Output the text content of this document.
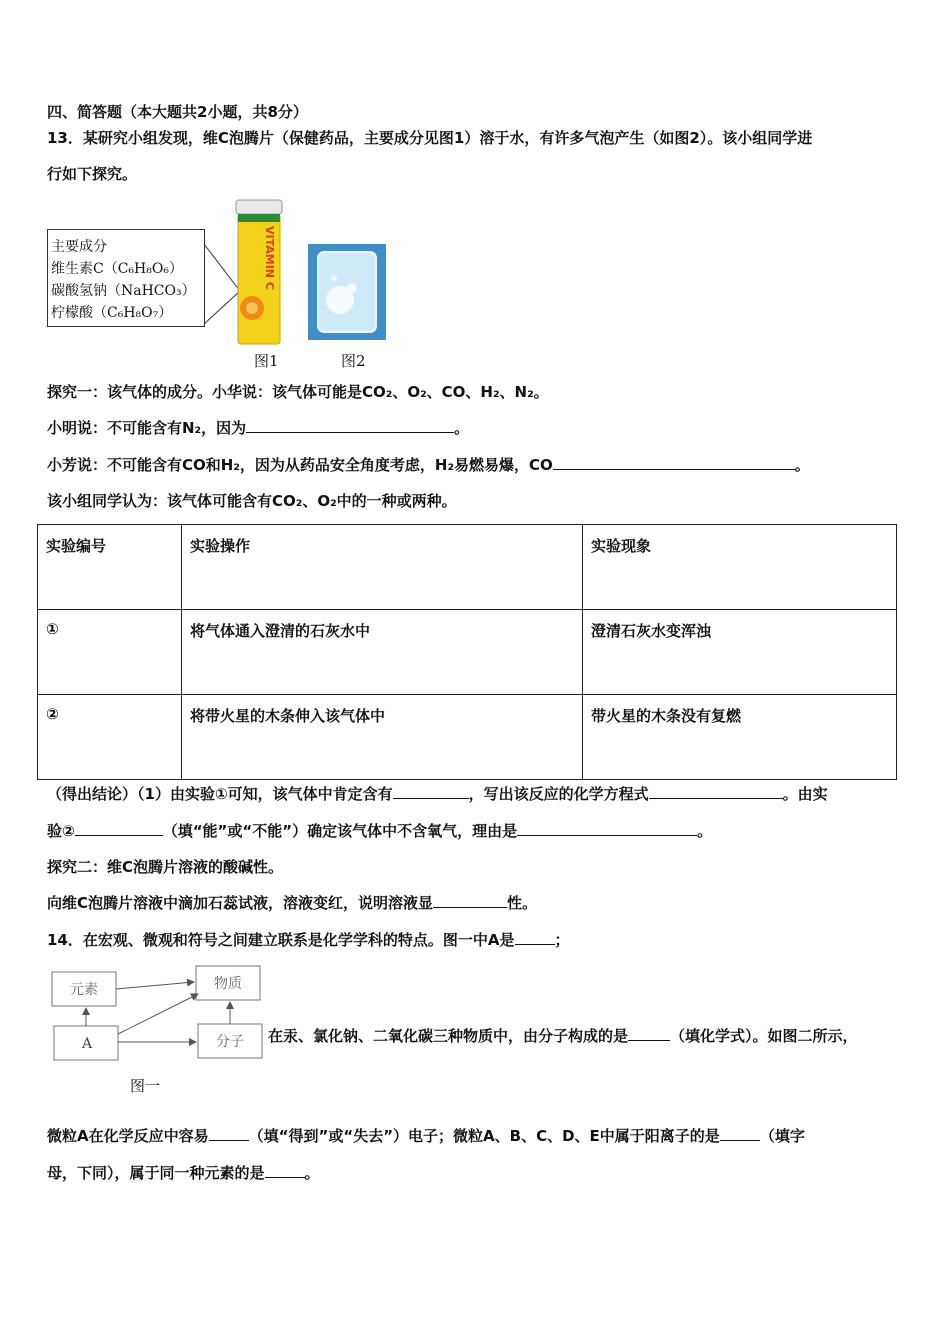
四、简答题（本大题共2小题，共8分）
13．某研究小组发现，维C泡腾片（保健药品，主要成分见图1）溶于水，有许多气泡产生（如图2）。该小组同学进
行如下探究。
主要成分
维生素C（C₆H₈O₆）
碳酸氢钠（NaHCO₃）
柠檬酸（C₆H₈O₇）
VITAMIN C
图1	图2
探究一：该气体的成分。小华说：该气体可能是CO₂、O₂、CO、H₂、N₂。
小明说：不可能含有N₂，因为	。
小芳说：不可能含有CO和H₂，因为从药品安全角度考虑，H₂易燃易爆，CO	。
该小组同学认为：该气体可能含有CO₂、O₂中的一种或两种。
实验编号	实验操作	实验现象
①	将气体通入澄清的石灰水中	澄清石灰水变浑浊
②	将带火星的木条伸入该气体中	带火星的木条没有复燃
（得出结论）（1）由实验①可知，该气体中肯定含有	，写出该反应的化学方程式	。由实
验②	（填“能”或“不能”）确定该气体中不含氧气，理由是	。
探究二：维C泡腾片溶液的酸碱性。
向维C泡腾片溶液中滴加石蕊试液，溶液变红，说明溶液显	性。
14．在宏观、微观和符号之间建立联系是化学学科的特点。图一中A是	；
元素	物质
A	分子
图一
在汞、氯化钠、二氧化碳三种物质中，由分子构成的是	（填化学式）。如图二所示，
微粒A在化学反应中容易	（填“得到”或“失去”）电子；微粒A、B、C、D、E中属于阳离子的是	（填字
母，下同），属于同一种元素的是	。
